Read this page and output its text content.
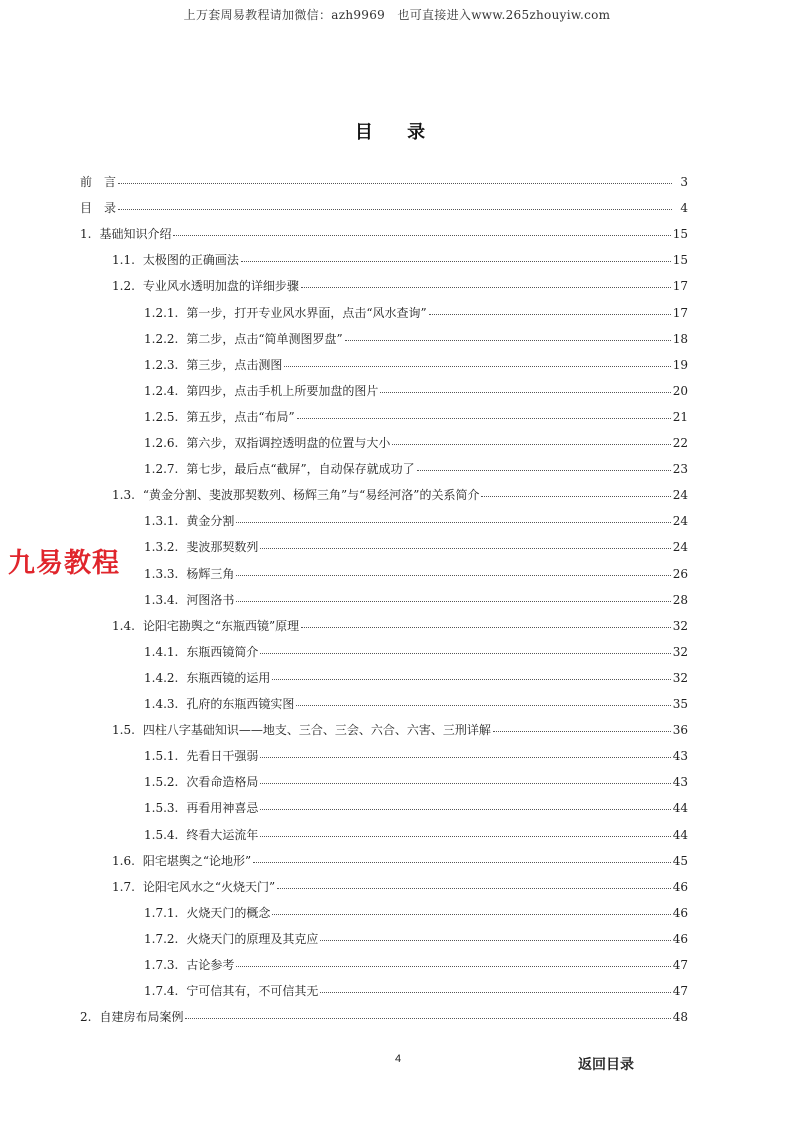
上万套周易教程请加微信：azh9969　也可直接进入www.265zhouyiw.com
目 录
前　言	3
目　录	4
1. 基础知识介绍	15
1.1. 太极图的正确画法	15
1.2. 专业风水透明加盘的详细步骤	17
1.2.1. 第一步，打开专业风水界面，点击“风水查询”	17
1.2.2. 第二步，点击“简单测图罗盘”	18
1.2.3. 第三步，点击测图	19
1.2.4. 第四步，点击手机上所要加盘的图片	20
1.2.5. 第五步，点击“布局”	21
1.2.6. 第六步，双指调控透明盘的位置与大小	22
1.2.7. 第七步，最后点“截屏”，自动保存就成功了	23
1.3. “黄金分割、斐波那契数列、杨辉三角”与“易经河洛”的关系简介	24
1.3.1. 黄金分割	24
1.3.2. 斐波那契数列	24
1.3.3. 杨辉三角	26
1.3.4. 河图洛书	28
1.4. 论阳宅勘舆之“东瓶西镜”原理	32
1.4.1. 东瓶西镜简介	32
1.4.2. 东瓶西镜的运用	32
1.4.3. 孔府的东瓶西镜实图	35
1.5. 四柱八字基础知识——地支、三合、三会、六合、六害、三刑详解	36
1.5.1. 先看日干强弱	43
1.5.2. 次看命造格局	43
1.5.3. 再看用神喜忌	44
1.5.4. 终看大运流年	44
1.6. 阳宅堪舆之“论地形”	45
1.7. 论阳宅风水之“火烧天门”	46
1.7.1. 火烧天门的概念	46
1.7.2. 火烧天门的原理及其克应	46
1.7.3. 古论参考	47
1.7.4. 宁可信其有，不可信其无	47
2. 自建房布局案例	48
九易教程
4	返回目录
